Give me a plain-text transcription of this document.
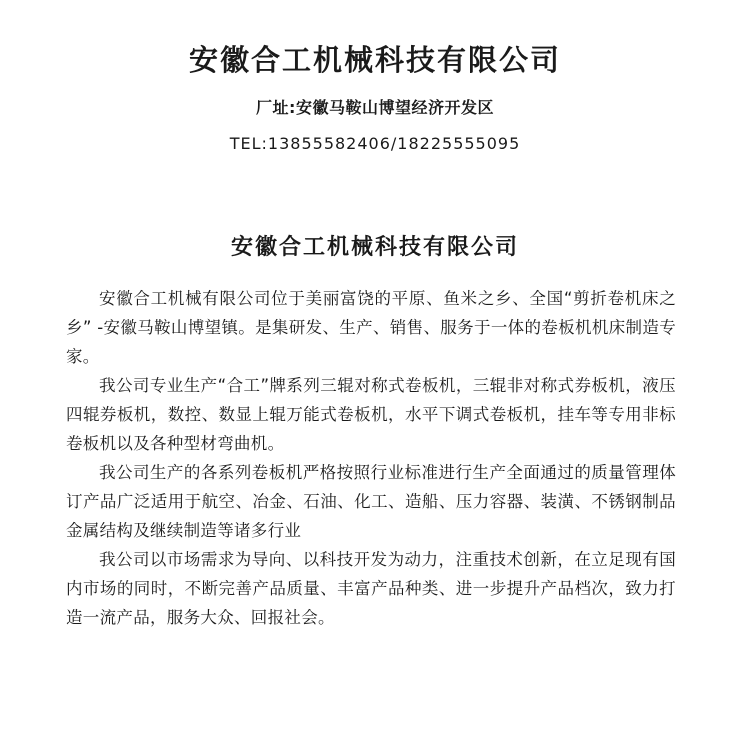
安徽合工机械科技有限公司
厂址:安徽马鞍山博望经济开发区
TEL:13855582406/18225555095
安徽合工机械科技有限公司

安徽合工机械有限公司位于美丽富饶的平原、鱼米之乡、全国“剪折卷机床之乡” -安徽马鞍山博望镇。是集研发、生产、销售、服务于一体的卷板机机床制造专家。

我公司专业生产“合工”牌系列三辊对称式卷板机，三辊非对称式券板机，液压四辊券板机，数控、数显上辊万能式卷板机，水平下调式卷板机，挂车等专用非标卷板机以及各种型材弯曲机。

我公司生产的各系列卷板机严格按照行业标准进行生产全面通过的质量管理体订产品广泛适用于航空、冶金、石油、化工、造船、压力容器、装潢、不锈钢制品金属结构及继续制造等诸多行业

我公司以市场需求为导向、以科技开发为动力，注重技术创新，在立足现有国内市场的同时，不断完善产品质量、丰富产品种类、进一步提升产品档次，致力打造一流产品，服务大众、回报社会。
